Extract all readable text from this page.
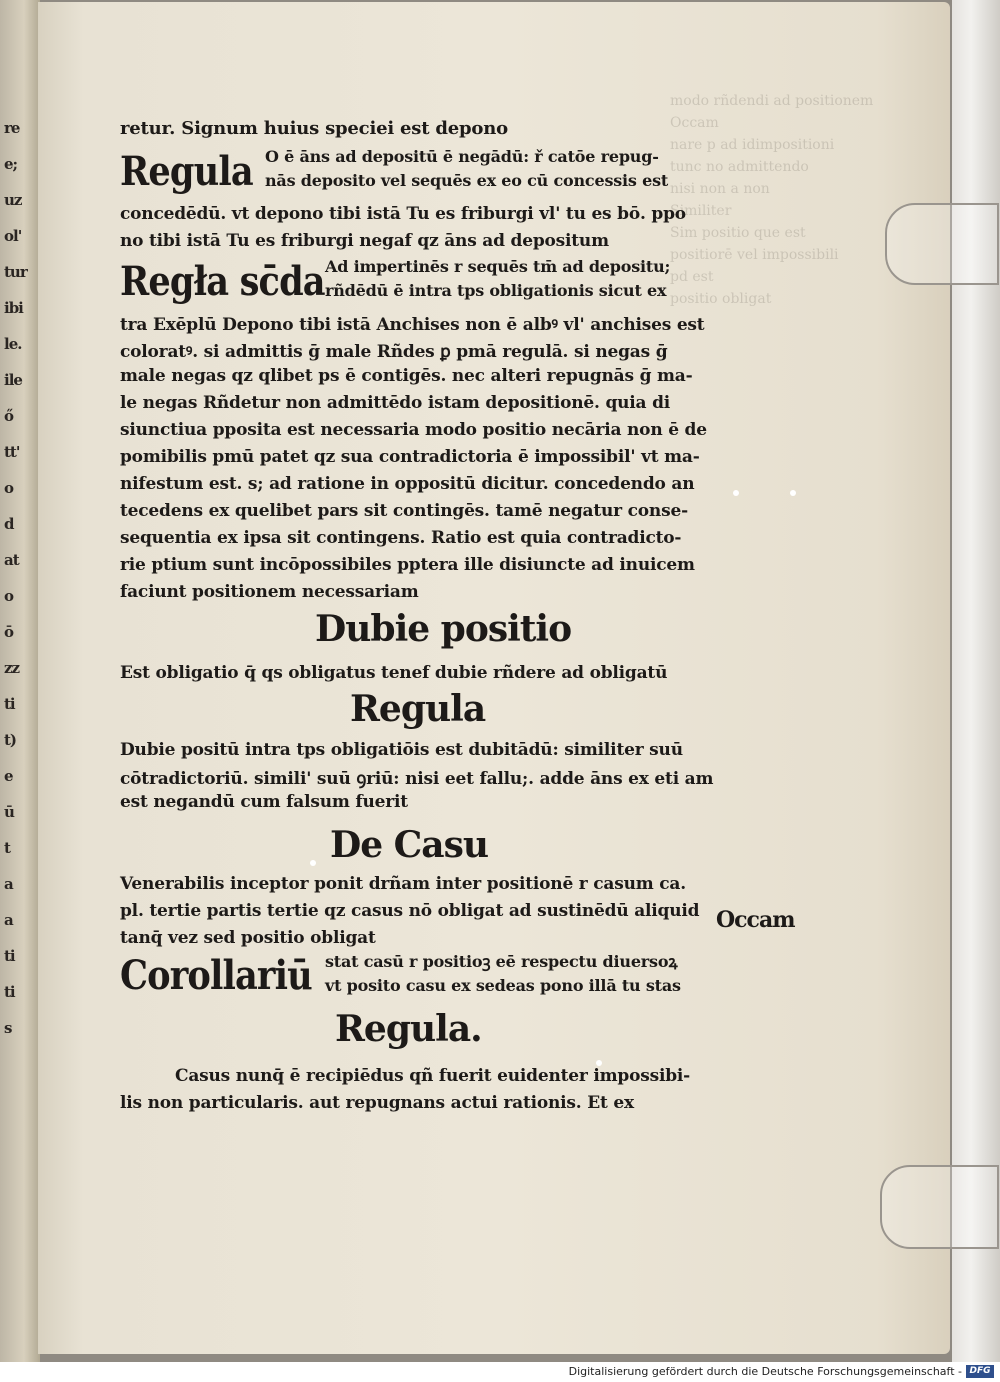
re
e;
uz
ol'
tur
ibi
le.
ile
ő
tt'
o
d
at
o
ō
zz
ti
t)
e
ū
t
a
a
ti
ti
s
modo rñdendi ad positionem
Occam
nare p ad idimpositioni
tunc no admittendo
nisi non a non
Similiter
Sim positio que est
positiorē vel impossibili
pd est
positio obligat
retur. Signum huius speciei est depono
Regula O ē āns ad depositū ē negādū: ř catōe repug-
nās deposito vel sequēs ex eo cū concessis est
concedēdū. vt depono tibi istā Tu es friburgi vl' tu es bō. ppo
no tibi istā Tu es friburgi negaf qz āns ad depositum
Regła sc̄da Ad impertinēs r sequēs tm̄ ad depositu;
rñdēdū ē intra tps obligationis sicut ex
tra Exēplū Depono tibi istā Anchises non ē albꝰ vl' anchises est
coloratꝰ. si admittis ḡ male Rñdes ꝑ pmā regulā. si negas ḡ
male negas qz qlibet ps ē contigēs. nec alteri repugnās ḡ ma-
le negas Rñdetur non admittēdo istam depositionē. quia di
siunctiua pposita est necessaria modo positio necāria non ē de
pomibilis pmū patet qz sua contradictoria ē impossibil' vt ma-
nifestum est. s; ad ratione in oppositū dicitur. concedendo an
tecedens ex quelibet pars sit contingēs. tamē negatur conse-
sequentia ex ipsa sit contingens. Ratio est quia contradicto-
rie ptium sunt incōpossibiles pptera ille disiuncte ad inuicem
faciunt positionem necessariam
Dubie positio
Est obligatio q̄ qs obligatus tenef dubie rñdere ad obligatū
Regula
Dubie positū intra tps obligatiōis est dubitādū: similiter suū
cōtradictoriū. simili' suū ꝯriū: nisi eet fallu;. adde āns ex eti am
est negandū cum falsum fuerit
De Casu
Venerabilis inceptor ponit drñam inter positionē r casum ca.
pl. tertie partis tertie qz casus nō obligat ad sustinēdū aliquid
tanq̄ vez sed positio obligat
Corollariū stat casū r positioꝫ eē respectu diuersoꝝ
vt posito casu ex sedeas pono illā tu stas
Regula.
Casus nunq̄ ē recipiēdus qñ fuerit euidenter impossibi-
lis non particularis. aut repugnans actui rationis. Et ex
Occam
Digitalisierung gefördert durch die Deutsche Forschungsgemeinschaft - DFG
